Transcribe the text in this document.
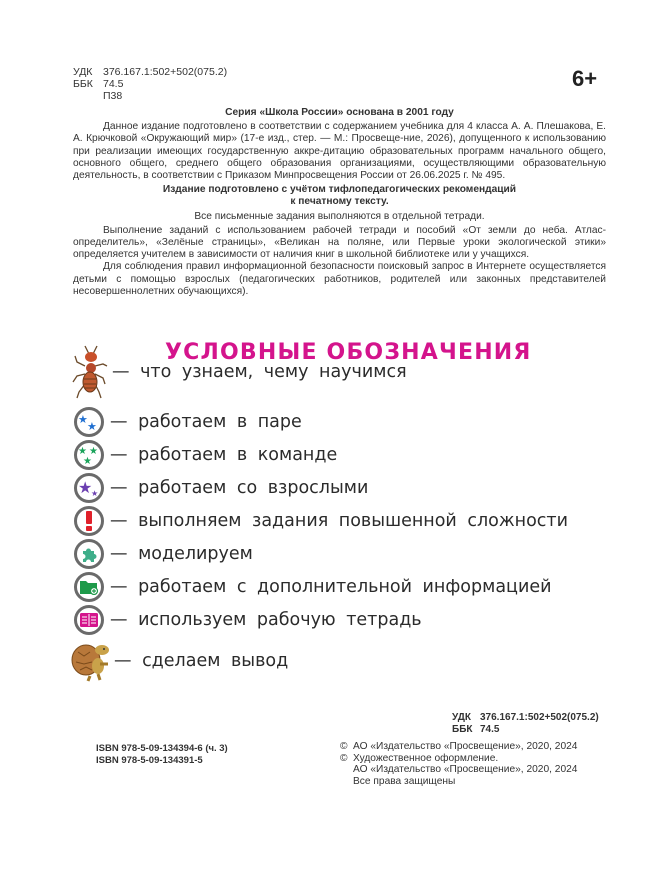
УДК	376.167.1:502+502(075.2)
ББК 74.5
П38
6+

Серия «Школа России» основана в 2001 году

Данное издание подготовлено в соответствии с содержанием учебника для 4 класса А. А. Плешакова, Е. А. Крючковой «Окружающий мир» (17-е изд., стер. — М.: Просвеще-ние, 2026), допущенного к использованию при реализации имеющих государственную аккре-дитацию образовательных программ начального общего, основного общего, среднего общего образования организациями, осуществляющими образовательную деятельность, в соответствии с Приказом Минпросвещения России от 26.06.2025 г. № 495.

Издание подготовлено с учётом тифлопедагогических рекомендаций

к печатному тексту.

Все письменные задания выполняются в отдельной тетради.

Выполнение заданий с использованием рабочей тетради и пособий «От земли до неба. Атлас-определитель», «Зелёные страницы», «Великан на поляне, или Первые уроки экологической этики» определяется учителем в зависимости от наличия книг в школьной библиотеке или у учащихся.

Для соблюдения правил информационной безопасности поисковый запрос в Интернете осуществляется детьми с помощью взрослых (педагогических работников, родителей или законных представителей несовершеннолетних обучающихся).

УСЛОВНЫЕ ОБОЗНАЧЕНИЯ
— что узнаем, чему научимся
★
★ — работаем в паре
★ ★
★ — работаем в команде
★
★ — работаем со взрослыми
— выполняем задания повышенной сложности
— моделируем
— работаем с дополнительной информацией
— используем рабочую тетрадь
— сделаем вывод
УДК 376.167.1:502+502(075.2)
ББК 74.5
ISBN 978-5-09-134394-6 (ч. 3)
ISBN 978-5-09-134391-5
© АО «Издательство «Просвещение», 2020, 2024
© Художественное оформление.
АО «Издательство «Просвещение», 2020, 2024
Все права защищены
